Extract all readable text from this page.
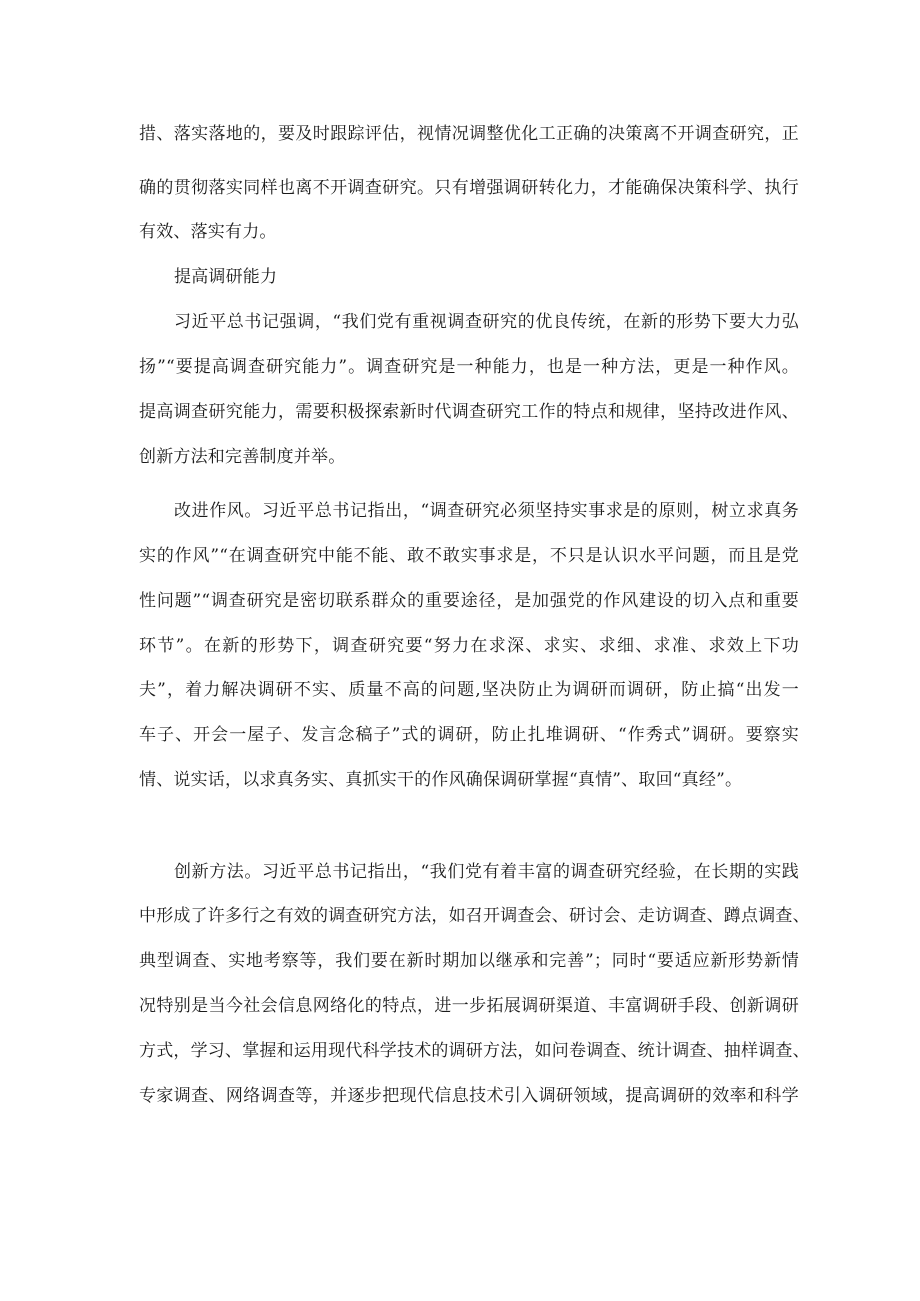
措、落实落地的，要及时跟踪评估，视情况调整优化工正确的决策离不开调查研究，正
确的贯彻落实同样也离不开调查研究。只有增强调研转化力，才能确保决策科学、执行
有效、落实有力。
提高调研能力
习近平总书记强调，“我们党有重视调查研究的优良传统，在新的形势下要大力弘
扬”“要提高调查研究能力”。调查研究是一种能力，也是一种方法，更是一种作风。
提高调查研究能力，需要积极探索新时代调查研究工作的特点和规律，坚持改进作风、
创新方法和完善制度并举。
改进作风。习近平总书记指出，“调查研究必须坚持实事求是的原则，树立求真务
实的作风”“在调查研究中能不能、敢不敢实事求是，不只是认识水平问题，而且是党
性问题”“调查研究是密切联系群众的重要途径，是加强党的作风建设的切入点和重要
环节”。在新的形势下，调查研究要“努力在求深、求实、求细、求准、求效上下功
夫”，着力解决调研不实、质量不高的问题,坚决防止为调研而调研，防止搞“出发一
车子、开会一屋子、发言念稿子”式的调研，防止扎堆调研、“作秀式”调研。要察实
情、说实话，以求真务实、真抓实干的作风确保调研掌握“真情”、取回“真经”。
创新方法。习近平总书记指出，“我们党有着丰富的调查研究经验，在长期的实践
中形成了许多行之有效的调查研究方法，如召开调查会、研讨会、走访调查、蹲点调查、
典型调查、实地考察等，我们要在新时期加以继承和完善”；同时“要适应新形势新情
况特别是当今社会信息网络化的特点，进一步拓展调研渠道、丰富调研手段、创新调研
方式，学习、掌握和运用现代科学技术的调研方法，如问卷调查、统计调查、抽样调查、
专家调查、网络调查等，并逐步把现代信息技术引入调研领域，提高调研的效率和科学
